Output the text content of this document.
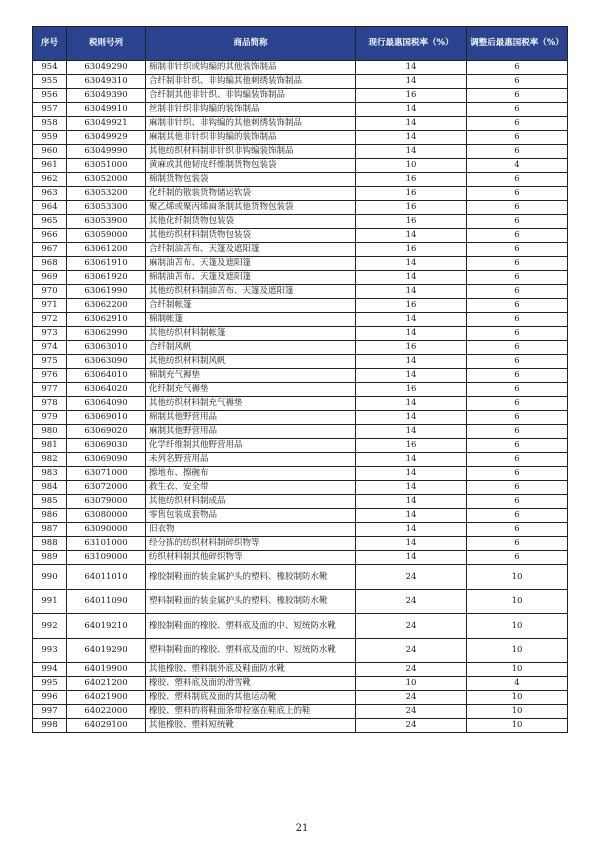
序号	税则号列	商品简称	现行最惠国税率（%）	调整后最惠国税率（%）
954	63049290	棉制非针织或钩编的其他装饰制品	14	6
955	63049310	合纤制非针织、非钩编其他刺绣装饰制品	14	6
956	63049390	合纤制其他非针织、非钩编装饰制品	16	6
957	63049910	丝制非针织非钩编的装饰制品	14	6
958	63049921	麻制非针织、非钩编的其他刺绣装饰制品	14	6
959	63049929	麻制其他非针织非钩编的装饰制品	14	6
960	63049990	其他纺织材料制非针织非钩编装饰制品	14	6
961	63051000	黄麻或其他韧皮纤维制货物包装袋	10	4
962	63052000	棉制货物包装袋	16	6
963	63053200	化纤制的散装货物储运软袋	16	6
964	63053300	聚乙烯或聚丙烯扁条制其他货物包装袋	16	6
965	63053900	其他化纤制货物包装袋	16	6
966	63059000	其他纺织材料制货物包装袋	14	6
967	63061200	合纤制油苫布、天篷及遮阳篷	16	6
968	63061910	麻制油苫布、天篷及遮阳篷	14	6
969	63061920	棉制油苫布、天篷及遮阳篷	14	6
970	63061990	其他纺织材料制油苫布、天篷及遮阳篷	14	6
971	63062200	合纤制帐篷	16	6
972	63062910	棉制帐篷	14	6
973	63062990	其他纺织材料制帐篷	14	6
974	63063010	合纤制风帆	16	6
975	63063090	其他纺织材料制风帆	14	6
976	63064010	棉制充气褥垫	14	6
977	63064020	化纤制充气褥垫	16	6
978	63064090	其他纺织材料制充气褥垫	14	6
979	63069010	棉制其他野营用品	14	6
980	63069020	麻制其他野营用品	14	6
981	63069030	化学纤维制其他野营用品	16	6
982	63069090	未列名野营用品	14	6
983	63071000	擦地布、擦碗布	14	6
984	63072000	救生衣、安全带	14	6
985	63079000	其他纺织材料制成品	14	6
986	63080000	零售包装成套物品	14	6
987	63090000	旧衣物	14	6
988	63101000	经分拣的纺织材料制碎织物等	14	6
989	63109000	纺织材料制其他碎织物等	14	6
990	64011010	橡胶制鞋面的装金属护头的塑料、橡胶制防水靴	24	10
991	64011090	塑料制鞋面的装金属护头的塑料、橡胶制防水靴	24	10
992	64019210	橡胶制鞋面的橡胶、塑料底及面的中、短统防水靴	24	10
993	64019290	塑料制鞋面的橡胶、塑料底及面的中、短统防水靴	24	10
994	64019900	其他橡胶、塑料制外底及鞋面防水靴	24	10
995	64021200	橡胶、塑料底及面的滑雪靴	10	4
996	64021900	橡胶、塑料制底及面的其他运动靴	24	10
997	64022000	橡胶、塑料的将鞋面条带栓塞在鞋底上的鞋	24	10
998	64029100	其他橡胶、塑料短统靴	24	10
21
